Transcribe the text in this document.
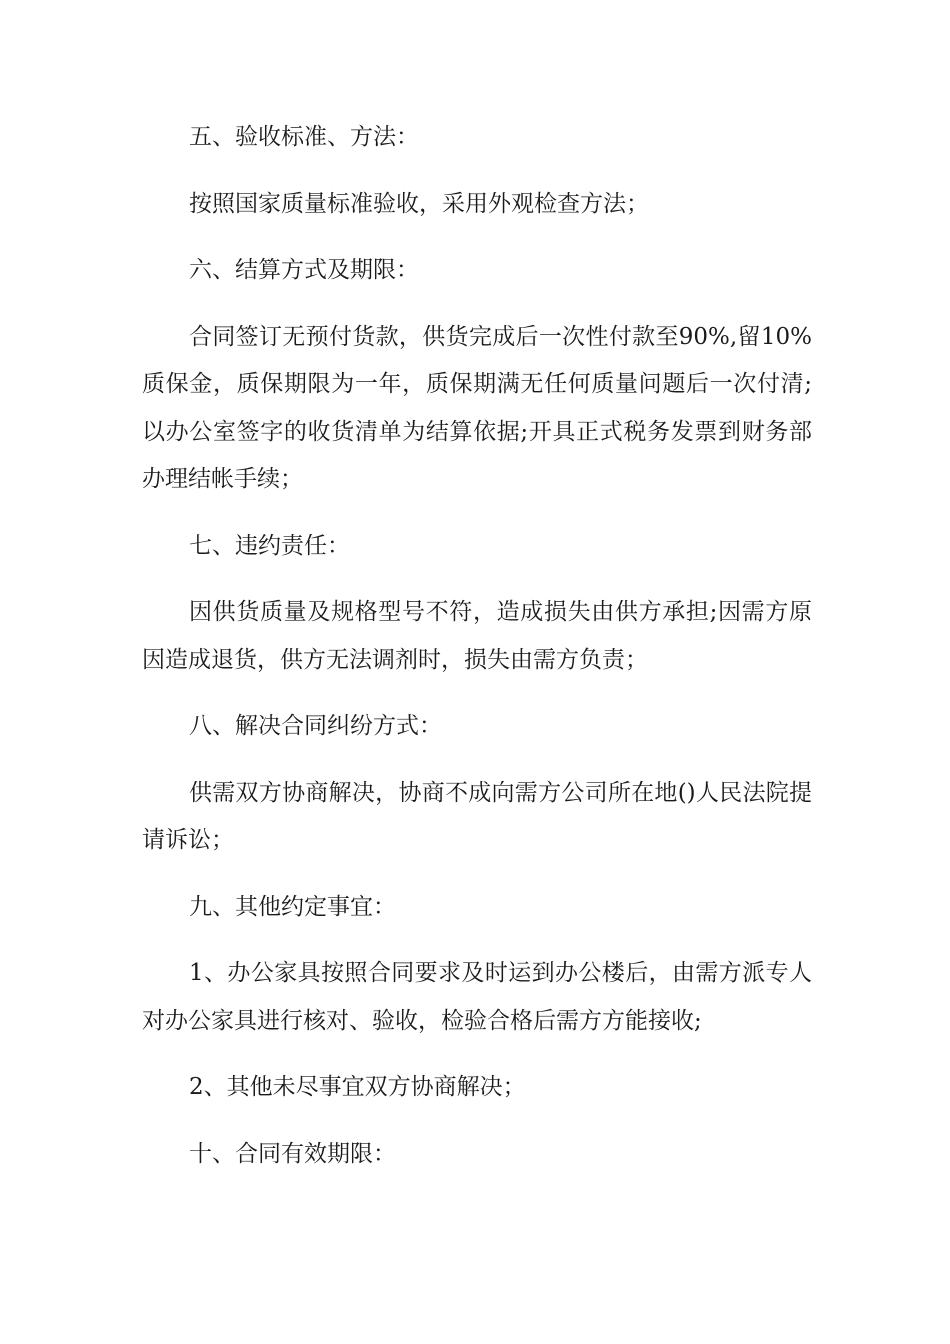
五、验收标准、方法：

按照国家质量标准验收，采用外观检查方法；

六、结算方式及期限：

合同签订无预付货款，供货完成后一次性付款至90%,留10%质保金，质保期限为一年，质保期满无任何质量问题后一次付清;以办公室签字的收货清单为结算依据;开具正式税务发票到财务部办理结帐手续；

七、违约责任：

因供货质量及规格型号不符，造成损失由供方承担;因需方原因造成退货，供方无法调剂时，损失由需方负责；

八、解决合同纠纷方式：

供需双方协商解决，协商不成向需方公司所在地()人民法院提请诉讼；

九、其他约定事宜：

1、办公家具按照合同要求及时运到办公楼后，由需方派专人对办公家具进行核对、验收，检验合格后需方方能接收;

2、其他未尽事宜双方协商解决；

十、合同有效期限：
